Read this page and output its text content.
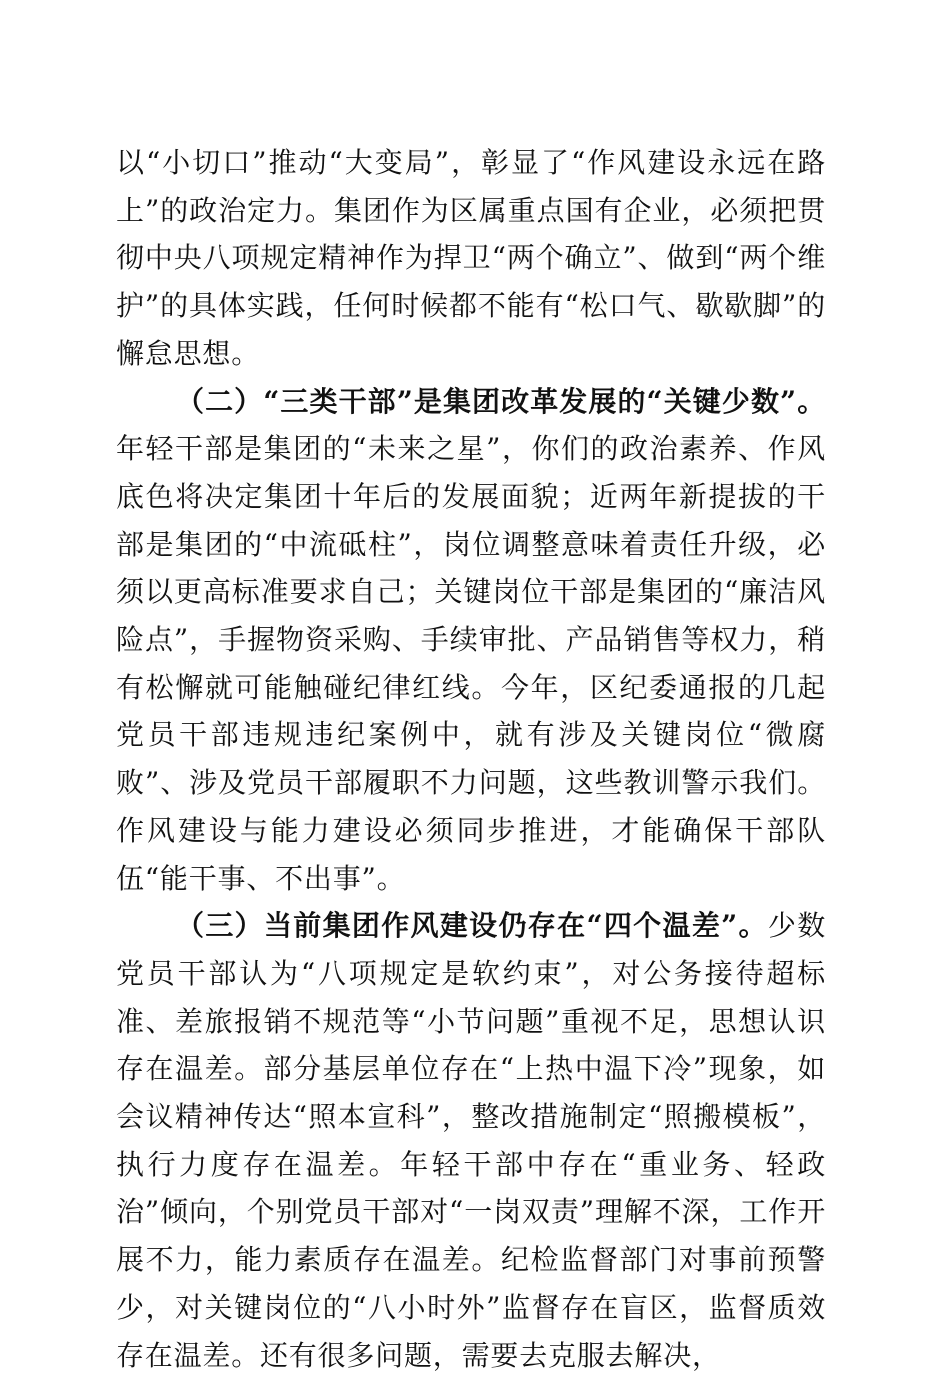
以“小切口”推动“大变局”，彰显了“作风建设永远在路上”的政治定力。集团作为区属重点国有企业，必须把贯彻中央八项规定精神作为捍卫“两个确立”、做到“两个维护”的具体实践，任何时候都不能有“松口气、歇歇脚”的懈怠思想。

（二）“三类干部”是集团改革发展的“关键少数”。年轻干部是集团的“未来之星”，你们的政治素养、作风底色将决定集团十年后的发展面貌；近两年新提拔的干部是集团的“中流砥柱”，岗位调整意味着责任升级，必须以更高标准要求自己；关键岗位干部是集团的“廉洁风险点”，手握物资采购、手续审批、产品销售等权力，稍有松懈就可能触碰纪律红线。今年，区纪委通报的几起党员干部违规违纪案例中，就有涉及关键岗位“微腐败”、涉及党员干部履职不力问题，这些教训警示我们。作风建设与能力建设必须同步推进，才能确保干部队伍“能干事、不出事”。

（三）当前集团作风建设仍存在“四个温差”。少数党员干部认为“八项规定是软约束”，对公务接待超标准、差旅报销不规范等“小节问题”重视不足，思想认识存在温差。部分基层单位存在“上热中温下冷”现象，如会议精神传达“照本宣科”，整改措施制定“照搬模板”，执行力度存在温差。年轻干部中存在“重业务、轻政治”倾向，个别党员干部对“一岗双责”理解不深，工作开展不力，能力素质存在温差。纪检监督部门对事前预警少，对关键岗位的“八小时外”监督存在盲区，监督质效存在温差。还有很多问题，需要去克服去解决，
